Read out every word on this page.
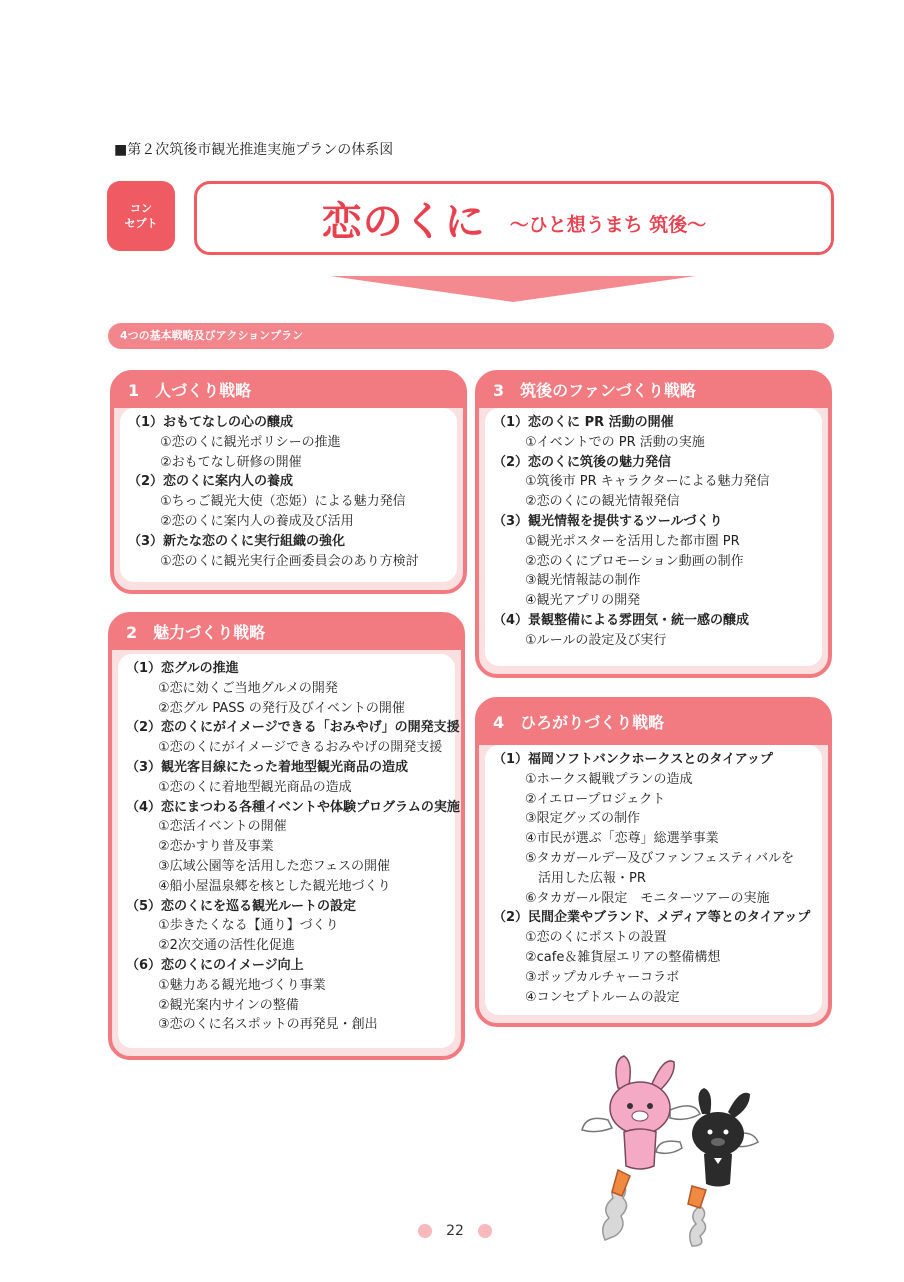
■第２次筑後市観光推進実施プランの体系図
コン
セプト	恋のくに ～ひと想うまち 筑後～
4つの基本戦略及びアクションプラン
1　人づくり戦略
（1）おもてなしの心の醸成
①恋のくに観光ポリシーの推進
②おもてなし研修の開催
（2）恋のくに案内人の養成
①ちっご観光大使（恋姫）による魅力発信
②恋のくに案内人の養成及び活用
（3）新たな恋のくに実行組織の強化
①恋のくに観光実行企画委員会のあり方検討
2　魅力づくり戦略
（1）恋グルの推進
①恋に効くご当地グルメの開発
②恋グル PASS の発行及びイベントの開催
（2）恋のくにがイメージできる「おみやげ」の開発支援
①恋のくにがイメージできるおみやげの開発支援
（3）観光客目線にたった着地型観光商品の造成
①恋のくに着地型観光商品の造成
（4）恋にまつわる各種イベントや体験プログラムの実施
①恋活イベントの開催
②恋かすり普及事業
③広域公園等を活用した恋フェスの開催
④船小屋温泉郷を核とした観光地づくり
（5）恋のくにを巡る観光ルートの設定
①歩きたくなる【通り】づくり
②2次交通の活性化促進
（6）恋のくにのイメージ向上
①魅力ある観光地づくり事業
②観光案内サインの整備
③恋のくに名スポットの再発見・創出
3　筑後のファンづくり戦略
（1）恋のくに PR 活動の開催
①イベントでの PR 活動の実施
（2）恋のくに筑後の魅力発信
①筑後市 PR キャラクターによる魅力発信
②恋のくにの観光情報発信
（3）観光情報を提供するツールづくり
①観光ポスターを活用した都市圏 PR
②恋のくにプロモーション動画の制作
③観光情報誌の制作
④観光アプリの開発
（4）景観整備による雰囲気・統一感の醸成
①ルールの設定及び実行
4　ひろがりづくり戦略
（1）福岡ソフトバンクホークスとのタイアップ
①ホークス観戦プランの造成
②イエロープロジェクト
③限定グッズの制作
④市民が選ぶ「恋尊」総選挙事業
⑤タカガールデー及びファンフェスティバルを
　活用した広報・PR
⑥タカガール限定　モニターツアーの実施
（2）民間企業やブランド、メディア等とのタイアップ
①恋のくにポストの設置
②cafe＆雑貨屋エリアの整備構想
③ポップカルチャーコラボ
④コンセプトルームの設定
22
